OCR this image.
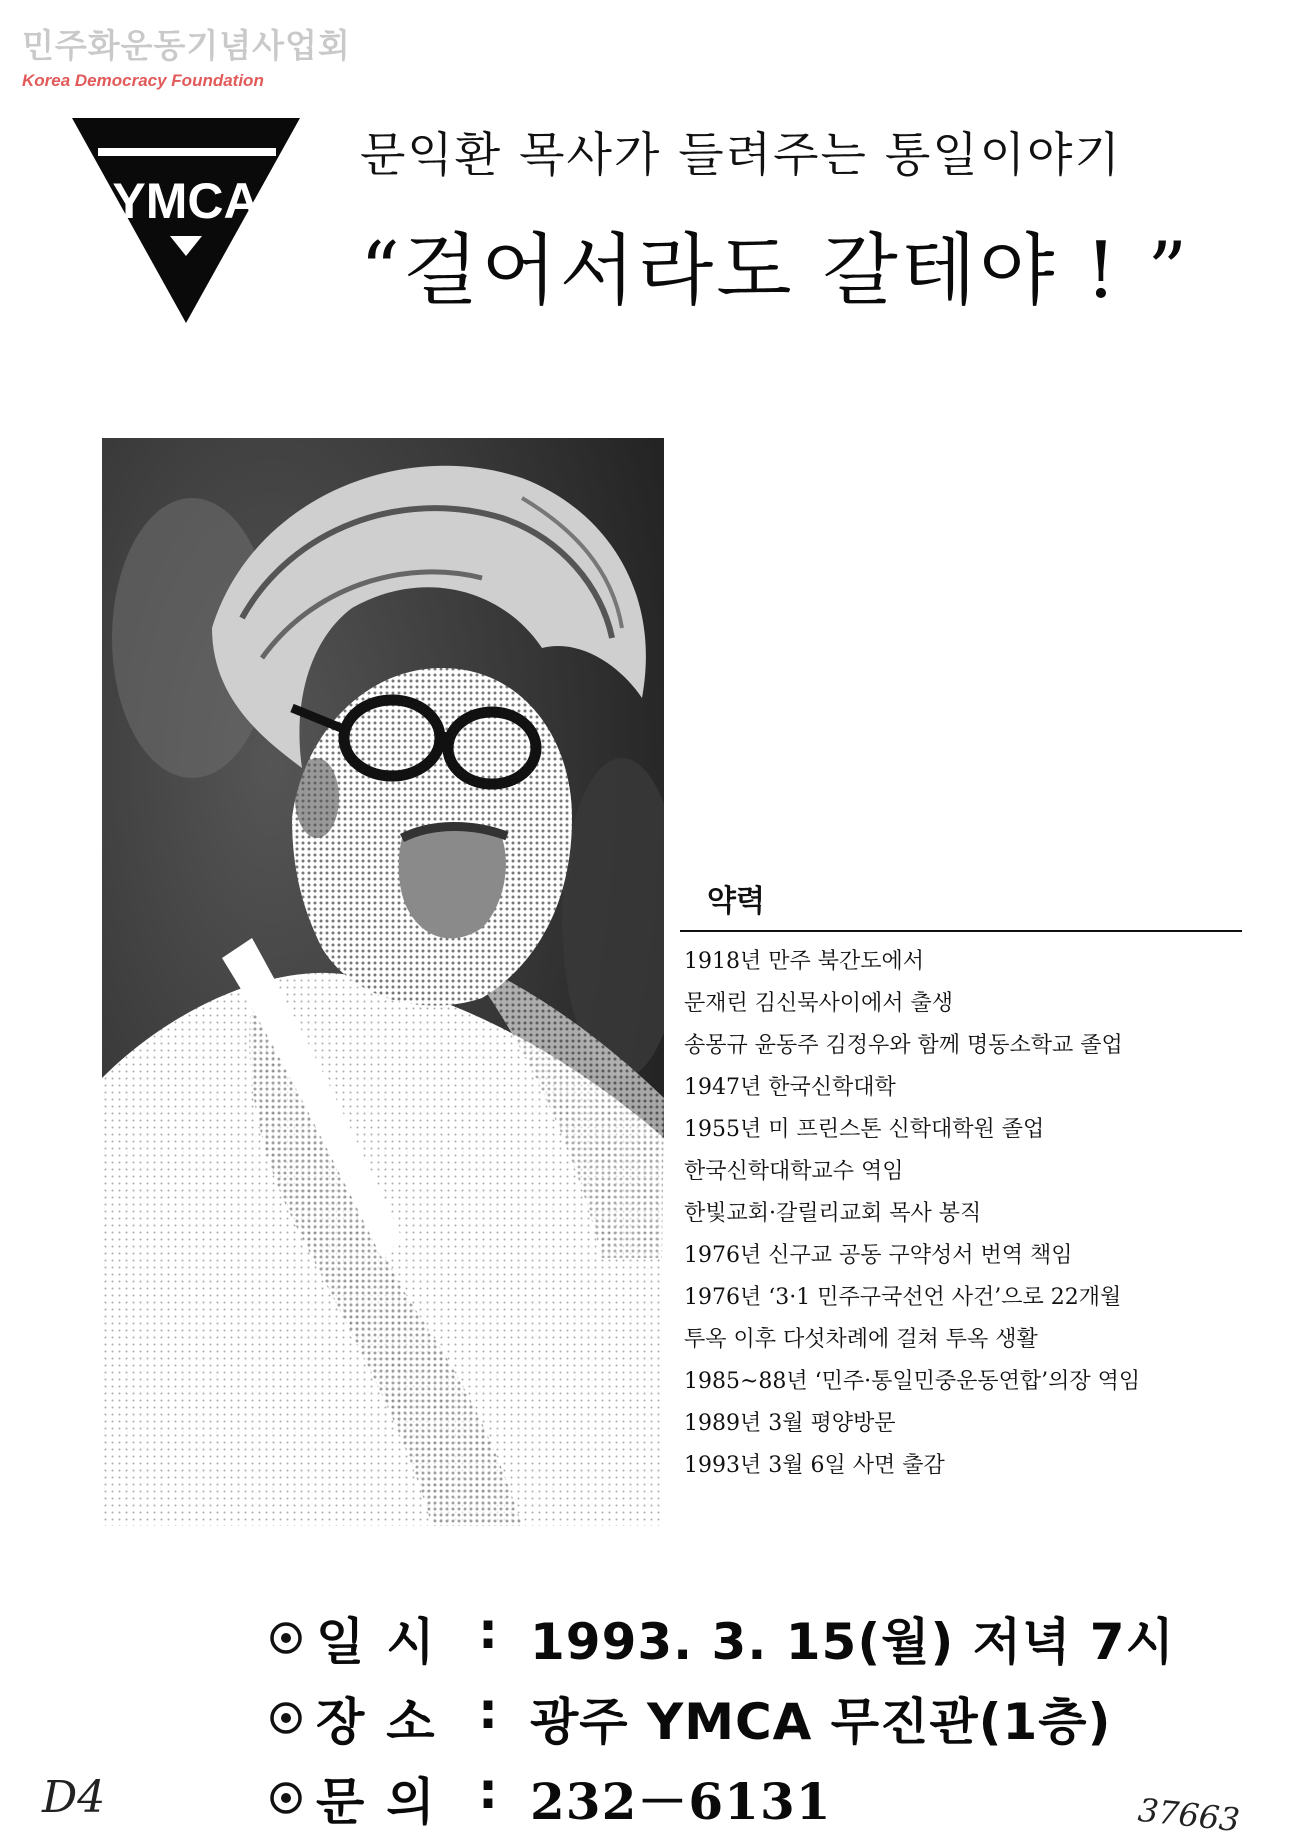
민주화운동기념사업회
Korea Democracy Foundation
YMCA
문익환 목사가 들려주는 통일이야기
“걸어서라도 갈테야 ! ”
약력
1918년 만주 북간도에서
문재린 김신묵사이에서 출생
송몽규 윤동주 김정우와 함께 명동소학교 졸업
1947년 한국신학대학
1955년 미 프린스톤 신학대학원 졸업
한국신학대학교수 역임
한빛교회·갈릴리교회 목사 봉직
1976년 신구교 공동 구약성서 번역 책임
1976년 ‘3·1 민주구국선언 사건’으로 22개월
투옥 이후 다섯차례에 걸쳐 투옥 생활
1985~88년 ‘민주·통일민중운동연합’의장 역임
1989년 3월 평양방문
1993년 3월 6일 사면 출감
일시 : 1993. 3. 15(월) 저녁 7시
장소 : 광주 YMCA 무진관(1층)
문의 : 232－6131
D4	37663
